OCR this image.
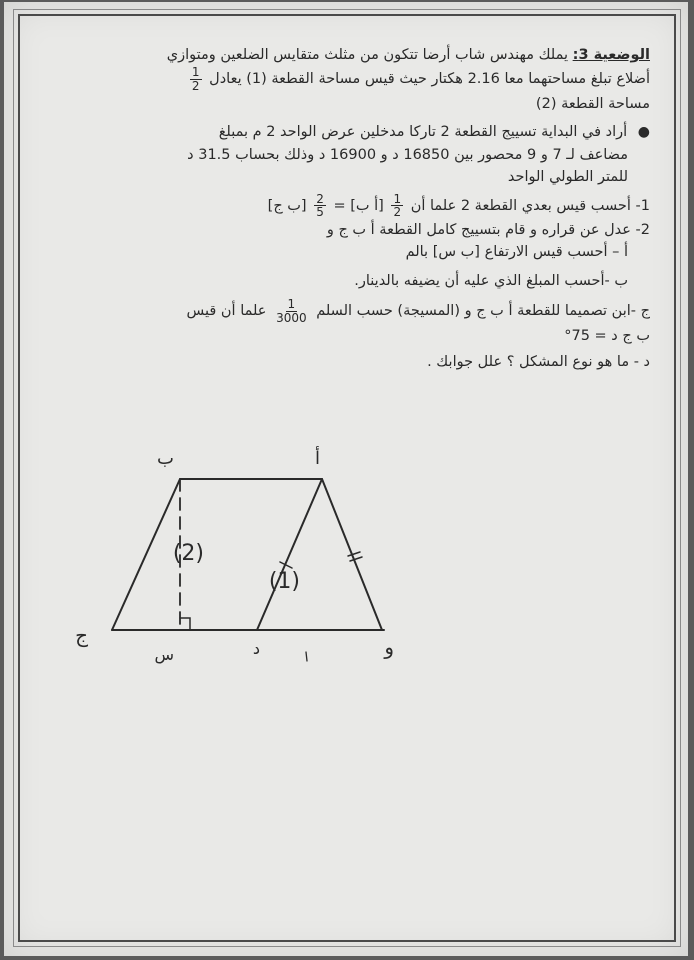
الوضعية 3: يملك مهندس شاب أرضا تتكون من مثلث متقايس الضلعين ومتوازي
أضلاع تبلغ مساحتهما معا 2.16 هكتار حيث قيس مساحة القطعة (1) يعادل
$\frac{1}{2}$
مساحة القطعة (2)
● أراد في البداية تسييج القطعة 2 تاركا مدخلين عرض الواحد 2 م بمبلغ
مضاعف لـ 7 و 9 محصور بين 16850 د و 16900 د وذلك بحساب 31.5 د
للمتر الطولي الواحد
1- أحسب قيس بعدي القطعة 2 علما أن
$\frac{1}{2}$
[أ ب] =
$\frac{2}{5}$
[ب ج]
2- عدل عن قراره و قام بتسييج كامل القطعة أ ب ج و
أ – أحسب قيس الارتفاع [ب س] بالم
ب -أحسب المبلغ الذي عليه أن يضيفه بالدينار.
ج -ابن تصميما للقطعة أ ب ج و (المسيجة) حسب السلم
$\frac{1}{3000}$
علما أن قيس
ب ج د = 75°
د - ما هو نوع المشكل ؟ علل جوابك .
ب	أ
ج
د	و
س
(2)
(1)
